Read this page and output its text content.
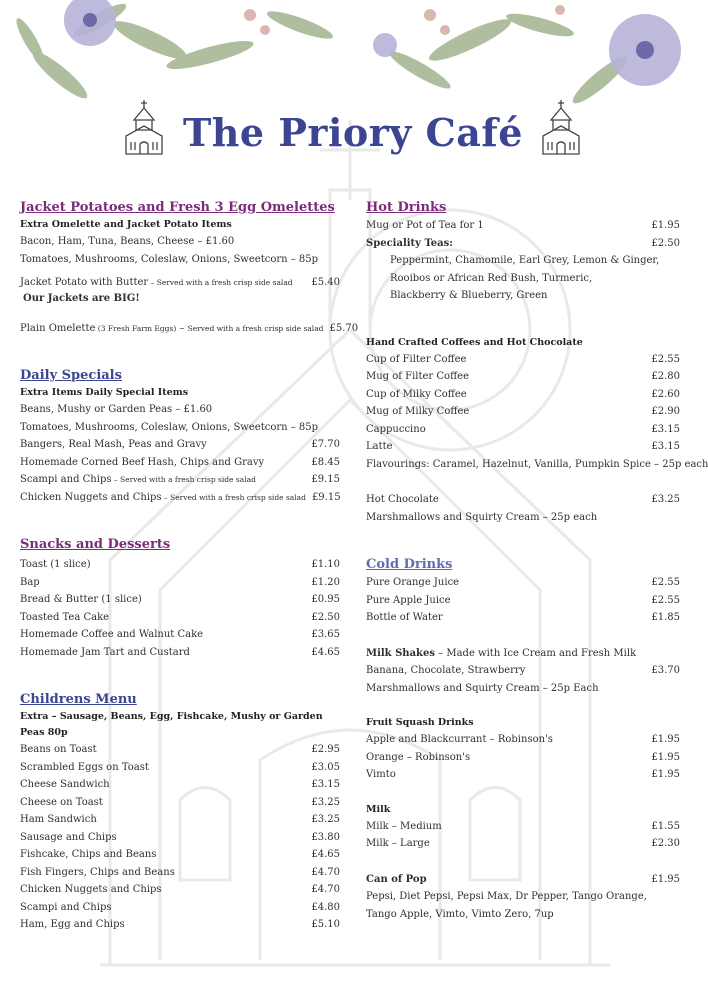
The Priory Café
Jacket Potatoes and Fresh 3 Egg Omelettes
Extra Omelette and Jacket Potato Items
Bacon, Ham, Tuna, Beans, Cheese – £1.60
Tomatoes, Mushrooms, Coleslaw, Onions, Sweetcorn – 85p
Jacket Potato with Butter – Served with a fresh crisp side salad	£5.40
Our Jackets are BIG!
Plain Omelette (3 Fresh Farm Eggs) – Served with a fresh crisp side salad £5.70
Daily Specials
Extra Items Daily Special Items
Beans, Mushy or Garden Peas – £1.60
Tomatoes, Mushrooms, Coleslaw, Onions, Sweetcorn – 85p
Bangers, Real Mash, Peas and Gravy	£7.70
Homemade Corned Beef Hash, Chips and Gravy	£8.45
Scampi and Chips – Served with a fresh crisp side salad	£9.15
Chicken Nuggets and Chips – Served with a fresh crisp side salad £9.15
Snacks and Desserts
Toast (1 slice)	£1.10
Bap	£1.20
Bread & Butter (1 slice)	£0.95
Toasted Tea Cake	£2.50
Homemade Coffee and Walnut Cake	£3.65
Homemade Jam Tart and Custard	£4.65
Childrens Menu
Extra – Sausage, Beans, Egg, Fishcake, Mushy or Garden Peas 80p
Beans on Toast	£2.95
Scrambled Eggs on Toast	£3.05
Cheese Sandwich	£3.15
Cheese on Toast	£3.25
Ham Sandwich	£3.25
Sausage and Chips	£3.80
Fishcake, Chips and Beans	£4.65
Fish Fingers, Chips and Beans	£4.70
Chicken Nuggets and Chips	£4.70
Scampi and Chips	£4.80
Ham, Egg and Chips	£5.10
Hot Drinks
Mug or Pot of Tea for 1	£1.95
Speciality Teas:	£2.50
Peppermint, Chamomile, Earl Grey, Lemon & Ginger,
Rooibos or African Red Bush, Turmeric,
Blackberry & Blueberry, Green
Hand Crafted Coffees and Hot Chocolate
Cup of Filter Coffee	£2.55
Mug of Filter Coffee	£2.80
Cup of Milky Coffee	£2.60
Mug of Milky Coffee	£2.90
Cappuccino	£3.15
Latte	£3.15
Flavourings: Caramel, Hazelnut, Vanilla, Pumpkin Spice – 25p each
Hot Chocolate	£3.25
Marshmallows and Squirty Cream – 25p each
Cold Drinks
Pure Orange Juice	£2.55
Pure Apple Juice	£2.55
Bottle of Water	£1.85
Milk Shakes – Made with Ice Cream and Fresh Milk
Banana, Chocolate, Strawberry	£3.70
Marshmallows and Squirty Cream – 25p Each
Fruit Squash Drinks
Apple and Blackcurrant – Robinson's	£1.95
Orange – Robinson's	£1.95
Vimto	£1.95
Milk
Milk – Medium	£1.55
Milk – Large	£2.30
Can of Pop	£1.95
Pepsi, Diet Pepsi, Pepsi Max, Dr Pepper, Tango Orange,
Tango Apple, Vimto, Vimto Zero, 7up
